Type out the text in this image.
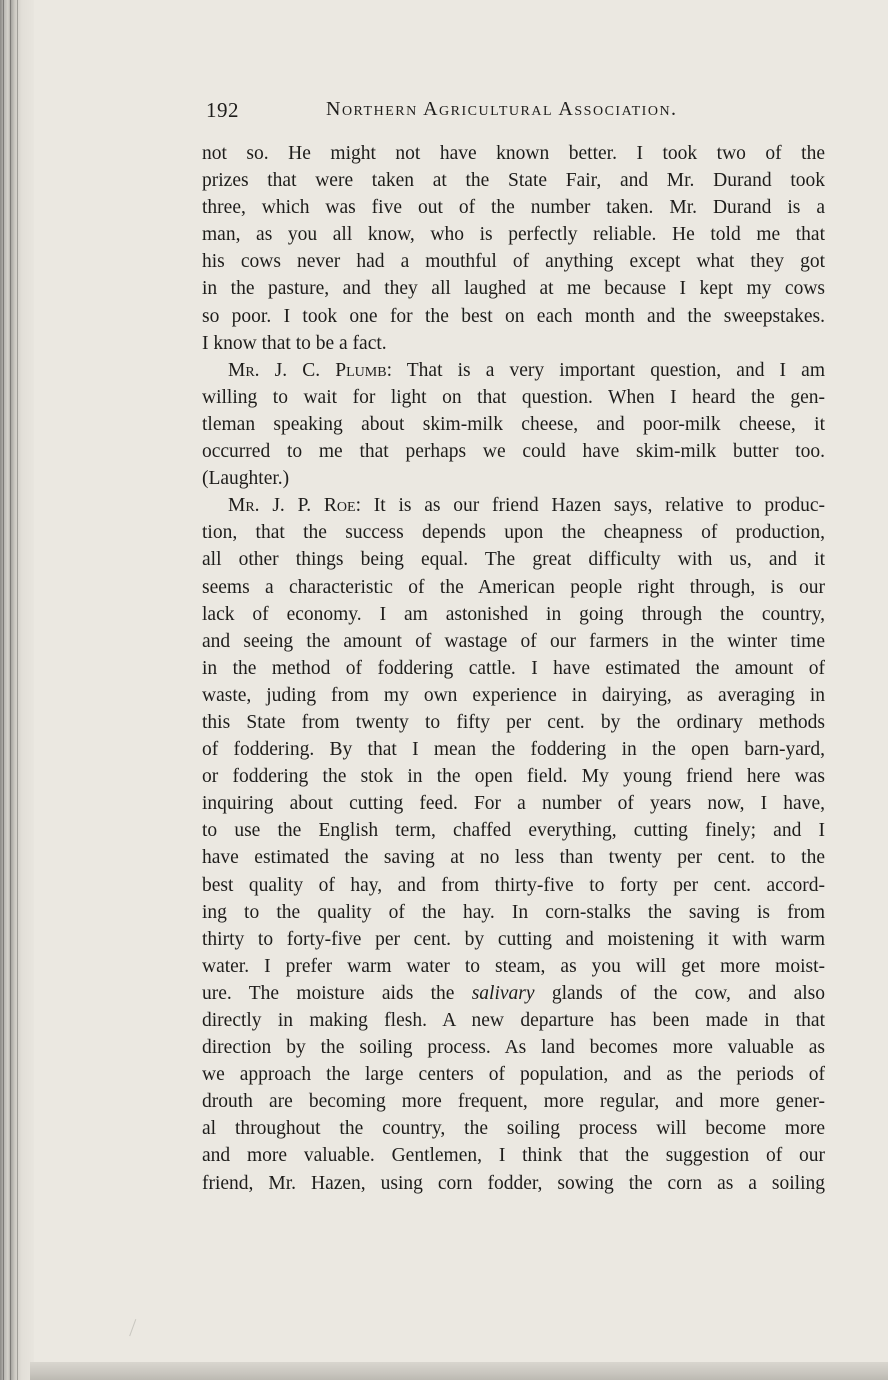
192	Northern Agricultural Association.
not so. He might not have known better. I took two of the
prizes that were taken at the State Fair, and Mr. Durand took
three, which was five out of the number taken. Mr. Durand is a
man, as you all know, who is perfectly reliable. He told me that
his cows never had a mouthful of anything except what they got
in the pasture, and they all laughed at me because I kept my cows
so poor. I took one for the best on each month and the sweepstakes.
I know that to be a fact.
Mr. J. C. Plumb: That is a very important question, and I am
willing to wait for light on that question. When I heard the gen-
tleman speaking about skim-milk cheese, and poor-milk cheese, it
occurred to me that perhaps we could have skim-milk butter too.
(Laughter.)
Mr. J. P. Roe: It is as our friend Hazen says, relative to produc-
tion, that the success depends upon the cheapness of production,
all other things being equal. The great difficulty with us, and it
seems a characteristic of the American people right through, is our
lack of economy. I am astonished in going through the country,
and seeing the amount of wastage of our farmers in the winter time
in the method of foddering cattle. I have estimated the amount of
waste, juding from my own experience in dairying, as averaging in
this State from twenty to fifty per cent. by the ordinary methods
of foddering. By that I mean the foddering in the open barn-yard,
or foddering the stok in the open field. My young friend here was
inquiring about cutting feed. For a number of years now, I have,
to use the English term, chaffed everything, cutting finely; and I
have estimated the saving at no less than twenty per cent. to the
best quality of hay, and from thirty-five to forty per cent. accord-
ing to the quality of the hay. In corn-stalks the saving is from
thirty to forty-five per cent. by cutting and moistening it with warm
water. I prefer warm water to steam, as you will get more moist-
ure. The moisture aids the salivary glands of the cow, and also
directly in making flesh. A new departure has been made in that
direction by the soiling process. As land becomes more valuable as
we approach the large centers of population, and as the periods of
drouth are becoming more frequent, more regular, and more gener-
al throughout the country, the soiling process will become more
and more valuable. Gentlemen, I think that the suggestion of our
friend, Mr. Hazen, using corn fodder, sowing the corn as a soiling
